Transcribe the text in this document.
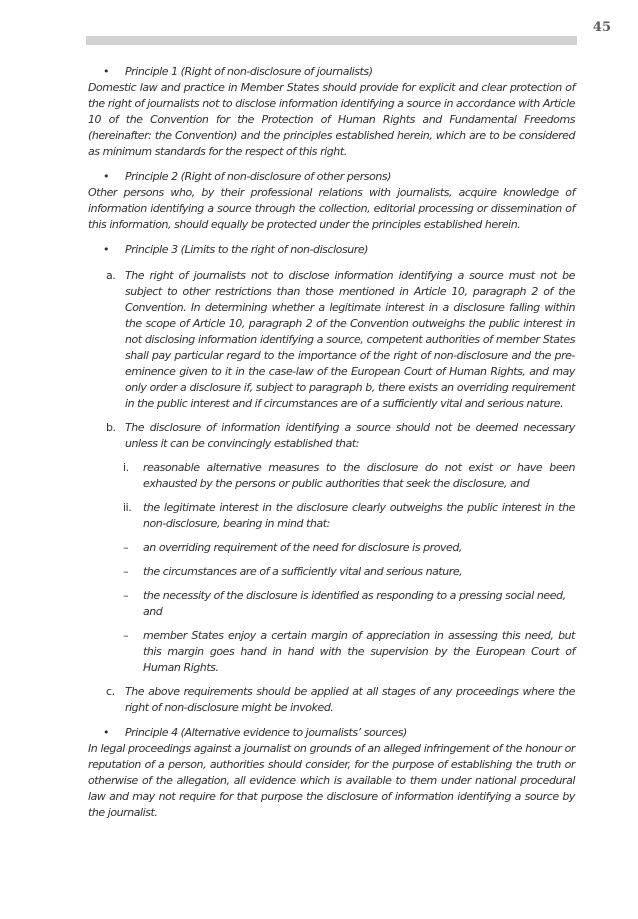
45
• Principle 1 (Right of non-disclosure of journalists)

Domestic law and practice in Member States should provide for explicit and clear protection of the right of journalists not to disclose information identifying a source in accordance with Article 10 of the Convention for the Protection of Human Rights and Fundamental Freedoms (hereinafter: the Convention) and the principles established herein, which are to be considered as minimum standards for the respect of this right.

• Principle 2 (Right of non-disclosure of other persons)

Other persons who, by their professional relations with journalists, acquire knowledge of information identifying a source through the collection, editorial processing or dissemination of this information, should equally be protected under the principles established herein.

• Principle 3 (Limits to the right of non-disclosure)
a. The right of journalists not to disclose information identifying a source must not be subject to other restrictions than those mentioned in Article 10, paragraph 2 of the Convention. In determining whether a legitimate interest in a disclosure falling within the scope of Article 10, paragraph 2 of the Convention outweighs the public interest in not disclosing information identifying a source, competent authorities of member States shall pay particular regard to the importance of the right of non-disclosure and the pre-eminence given to it in the case-law of the European Court of Human Rights, and may only order a disclosure if, subject to paragraph b, there exists an overriding requirement in the public interest and if circumstances are of a sufficiently vital and serious nature.
b. The disclosure of information identifying a source should not be deemed necessary unless it can be convincingly established that:
i. reasonable alternative measures to the disclosure do not exist or have been exhausted by the persons or public authorities that seek the disclosure, and
ii. the legitimate interest in the disclosure clearly outweighs the public interest in the non-disclosure, bearing in mind that:
– an overriding requirement of the need for disclosure is proved,
– the circumstances are of a sufficiently vital and serious nature,
– the necessity of the disclosure is identified as responding to a pressing social need, and
– member States enjoy a certain margin of appreciation in assessing this need, but this margin goes hand in hand with the supervision by the European Court of Human Rights.
c. The above requirements should be applied at all stages of any proceedings where the right of non-disclosure might be invoked.
• Principle 4 (Alternative evidence to journalists’ sources)

In legal proceedings against a journalist on grounds of an alleged infringement of the honour or reputation of a person, authorities should consider, for the purpose of establishing the truth or otherwise of the allegation, all evidence which is available to them under national procedural law and may not require for that purpose the disclosure of information identifying a source by the journalist.
